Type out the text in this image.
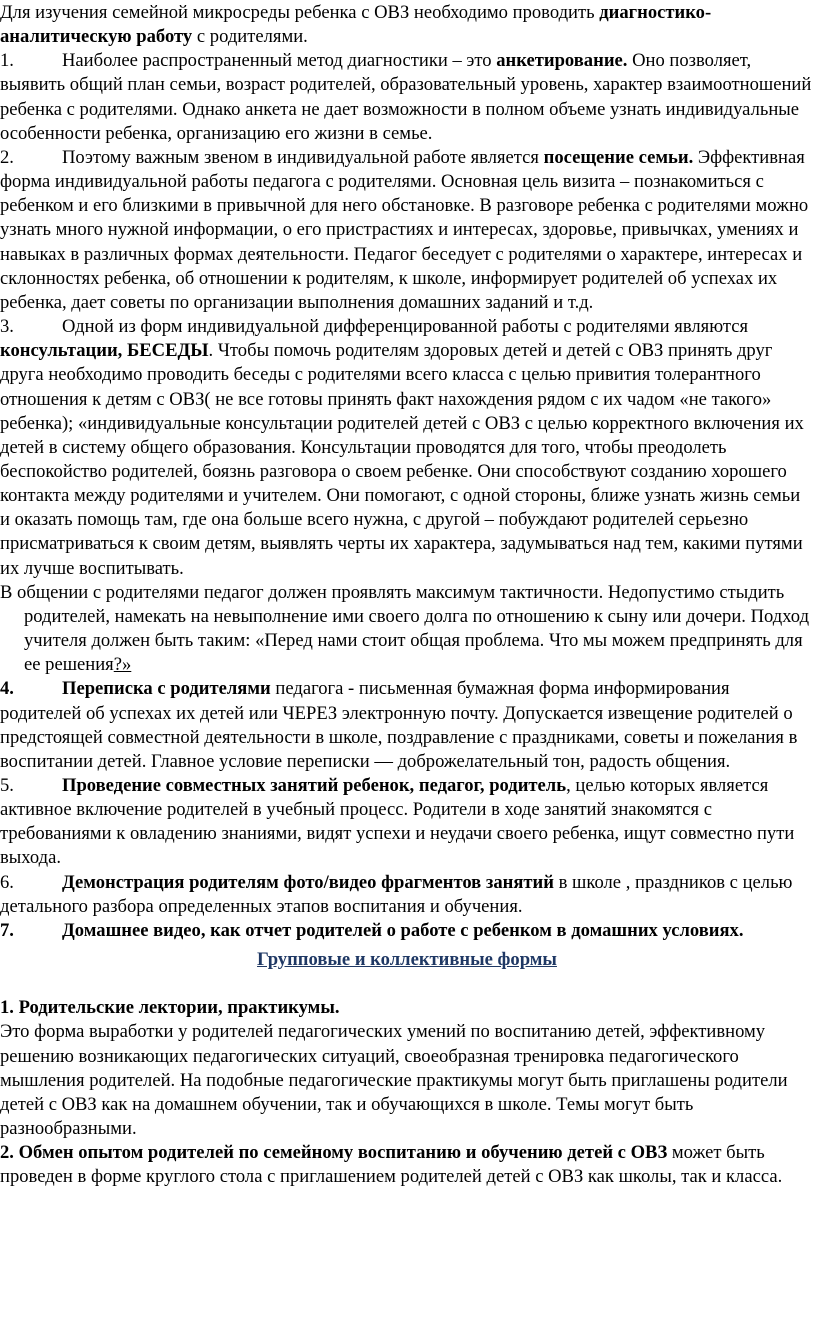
Для изучения семейной микросреды ребенка с ОВЗ необходимо проводить диагностико-аналитическую работу с родителями.

1.	Наиболее распространенный метод диагностики – это анкетирование. Оно позволяет, выявить общий план семьи, возраст родителей, образовательный уровень, характер взаимоотношений ребенка с родителями. Однако анкета не дает возможности в полном объеме узнать индивидуальные особенности ребенка, организацию его жизни в семье.

2.	Поэтому важным звеном в индивидуальной работе является посещение семьи. Эффективная форма индивидуальной работы педагога с родителями. Основная цель визита – познакомиться с ребенком и его близкими в привычной для него обстановке. В разговоре ребенка с родителями можно узнать много нужной информации, о его пристрастиях и интересах, здоровье, привычках, умениях и навыках в различных формах деятельности. Педагог беседует с родителями о характере, интересах и склонностях ребенка, об отношении к родителям, к школе, информирует родителей об успехах их ребенка, дает советы по организации выполнения домашних заданий и т.д.

3.	Одной из форм индивидуальной дифференцированной работы с родителями являются консультации, БЕСЕДЫ. Чтобы помочь родителям здоровых детей и детей с ОВЗ принять друг друга необходимо проводить беседы с родителями всего класса с целью привития толерантного отношения к детям с ОВЗ( не все готовы принять факт нахождения рядом с их чадом «не такого» ребенка); «индивидуальные консультации родителей детей с ОВЗ с целью корректного включения их детей в систему общего образования. Консультации проводятся для того, чтобы преодолеть беспокойство родителей, боязнь разговора о своем ребенке. Они способствуют созданию хорошего контакта между родителями и учителем. Они помогают, с одной стороны, ближе узнать жизнь семьи и оказать помощь там, где она больше всего нужна, с другой – побуждают родителей серьезно присматриваться к своим детям, выявлять черты их характера, задумываться над тем, какими путями их лучше воспитывать.

В общении с родителями педагог должен проявлять максимум тактичности. Недопустимо стыдить родителей, намекать на невыполнение ими своего долга по отношению к сыну или дочери. Подход учителя должен быть таким: «Перед нами стоит общая проблема. Что мы можем предпринять для ее решения?»

4.	Переписка с родителями педагога - письменная бумажная форма информирования родителей об успехах их детей или ЧЕРЕЗ электронную почту. Допускается извещение родителей о предстоящей совместной деятельности в школе, поздравление с праздниками, советы и пожелания в воспитании детей. Главное условие переписки — доброжелательный тон, радость общения.

5.	Проведение совместных занятий ребенок, педагог, родитель, целью которых является активное включение родителей в учебный процесс. Родители в ходе занятий знакомятся с требованиями к овладению знаниями, видят успехи и неудачи своего ребенка, ищут совместно пути выхода.

6.	Демонстрация родителям фото/видео фрагментов занятий в школе , праздников с целью детального разбора определенных этапов воспитания и обучения.

7.	Домашнее видео, как отчет родителей о работе с ребенком в домашних условиях.

Групповые и коллективные формы

1. Родительские лектории, практикумы.
Это форма выработки у родителей педагогических умений по воспитанию детей, эффективному решению возникающих педагогических ситуаций, своеобразная тренировка педагогического мышления родителей. На подобные педагогические практикумы могут быть приглашены родители детей с ОВЗ как на домашнем обучении, так и обучающихся в школе. Темы могут быть разнообразными.

2. Обмен опытом родителей по семейному воспитанию и обучению детей с ОВЗ может быть проведен в форме круглого стола с приглашением родителей детей с ОВЗ как школы, так и класса.
